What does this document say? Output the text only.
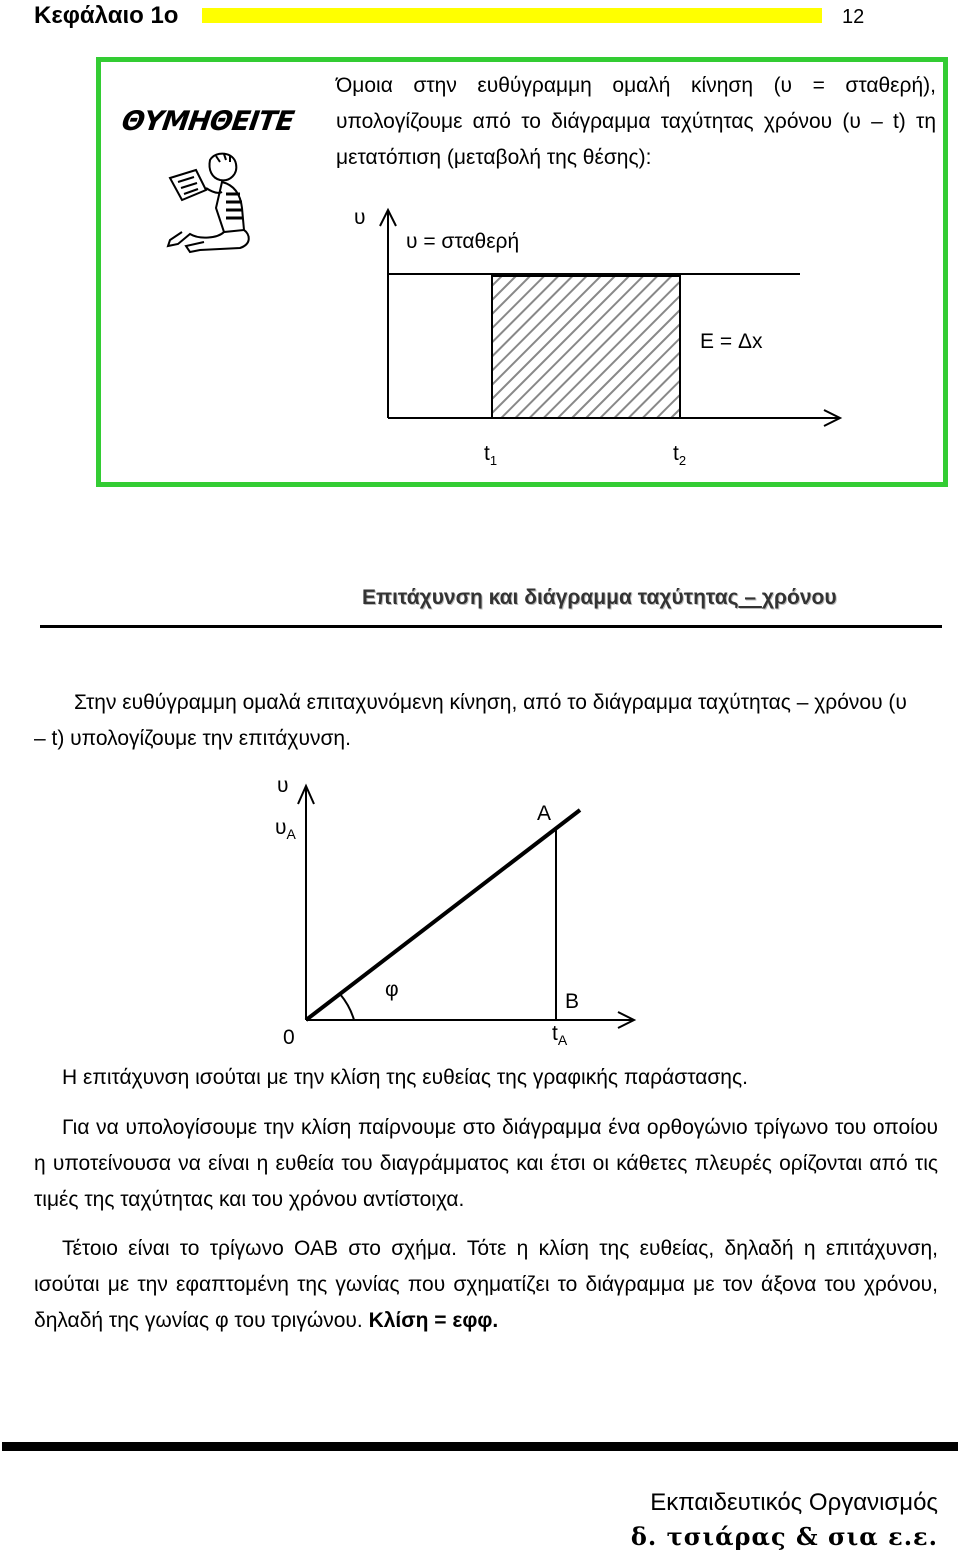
Κεφάλαιο 1ο	12
ΘΥΜΗΘΕΙΤΕ
Όμοια στην ευθύγραμμη ομαλή κίνηση (υ = σταθερή), υπολογίζουμε από το διάγραμμα ταχύτητας χρόνου (υ – t) τη μετατόπιση (μεταβολή της θέσης):
υ
υ = σταθερή
E = Δx
$t_1$	$t_2$
Επιτάχυνση και διάγραμμα ταχύτητας – χρόνου
Στην ευθύγραμμη ομαλά επιταχυνόμενη κίνηση, από το διάγραμμα ταχύτητας – χρόνου (υ – t) υπολογίζουμε την επιτάχυνση.
υ
$\upsilon_A$
A
φ
B
0	$t_A$
Η επιτάχυνση ισούται με την κλίση της ευθείας της γραφικής παράστασης.
Για να υπολογίσουμε την κλίση παίρνουμε στο διάγραμμα ένα ορθογώνιο τρίγωνο του οποίου η υποτείνουσα να είναι η ευθεία του διαγράμματος και έτσι οι κάθετες πλευρές ορίζονται από τις τιμές της ταχύτητας και του χρόνου αντίστοιχα.
Τέτοιο είναι το τρίγωνο ΟΑΒ στο σχήμα. Τότε η κλίση της ευθείας, δηλαδή η επιτάχυνση, ισούται με την εφαπτομένη της γωνίας που σχηματίζει το διάγραμμα με τον άξονα του χρόνου, δηλαδή της γωνίας φ του τριγώνου. Κλίση = εφφ.
Εκπαιδευτικός Οργανισμός
δ. τσιάρας & σια ε.ε.
